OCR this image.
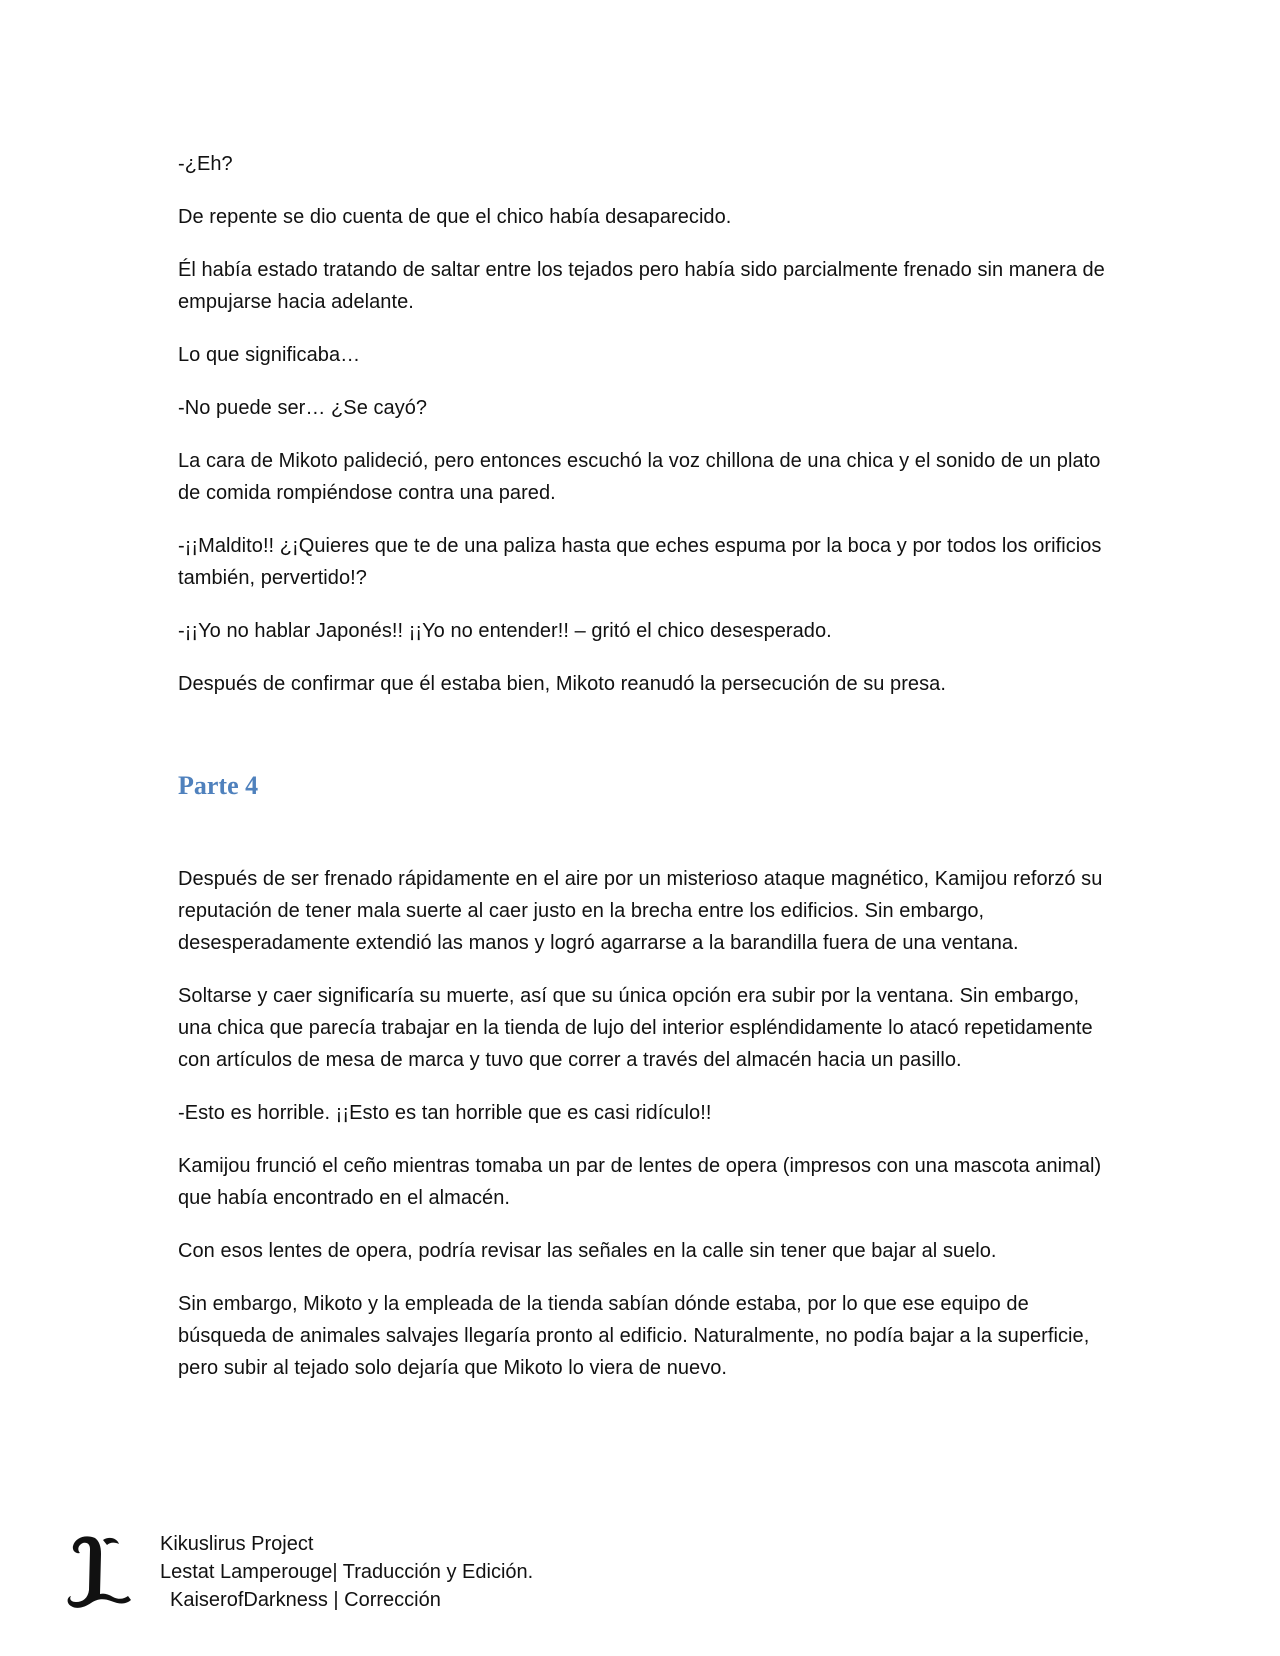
-¿Eh?

De repente se dio cuenta de que el chico había desaparecido.

Él había estado tratando de saltar entre los tejados pero había sido parcialmente frenado sin manera de empujarse hacia adelante.

Lo que significaba…

-No puede ser… ¿Se cayó?

La cara de Mikoto palideció, pero entonces escuchó la voz chillona de una chica y el sonido de un plato de comida rompiéndose contra una pared.

-¡¡Maldito!! ¿¡Quieres que te de una paliza hasta que eches espuma por la boca y por todos los orificios también, pervertido!?

-¡¡Yo no hablar Japonés!! ¡¡Yo no entender!! – gritó el chico desesperado.

Después de confirmar que él estaba bien, Mikoto reanudó la persecución de su presa.

Parte 4

Después de ser frenado rápidamente en el aire por un misterioso ataque magnético, Kamijou reforzó su reputación de tener mala suerte al caer justo en la brecha entre los edificios. Sin embargo, desesperadamente extendió las manos y logró agarrarse a la barandilla fuera de una ventana.

Soltarse y caer significaría su muerte, así que su única opción era subir por la ventana. Sin embargo, una chica que parecía trabajar en la tienda de lujo del interior espléndidamente lo atacó repetidamente con artículos de mesa de marca y tuvo que correr a través del almacén hacia un pasillo.

-Esto es horrible. ¡¡Esto es tan horrible que es casi ridículo!!

Kamijou frunció el ceño mientras tomaba un par de lentes de opera (impresos con una mascota animal) que había encontrado en el almacén.

Con esos lentes de opera, podría revisar las señales en la calle sin tener que bajar al suelo.

Sin embargo, Mikoto y la empleada de la tienda sabían dónde estaba, por lo que ese equipo de búsqueda de animales salvajes llegaría pronto al edificio. Naturalmente, no podía bajar a la superficie, pero subir al tejado solo dejaría que Mikoto lo viera de nuevo.

Kikuslirus Project
Lestat Lamperouge| Traducción y Edición.
KaiserofDarkness | Corrección
